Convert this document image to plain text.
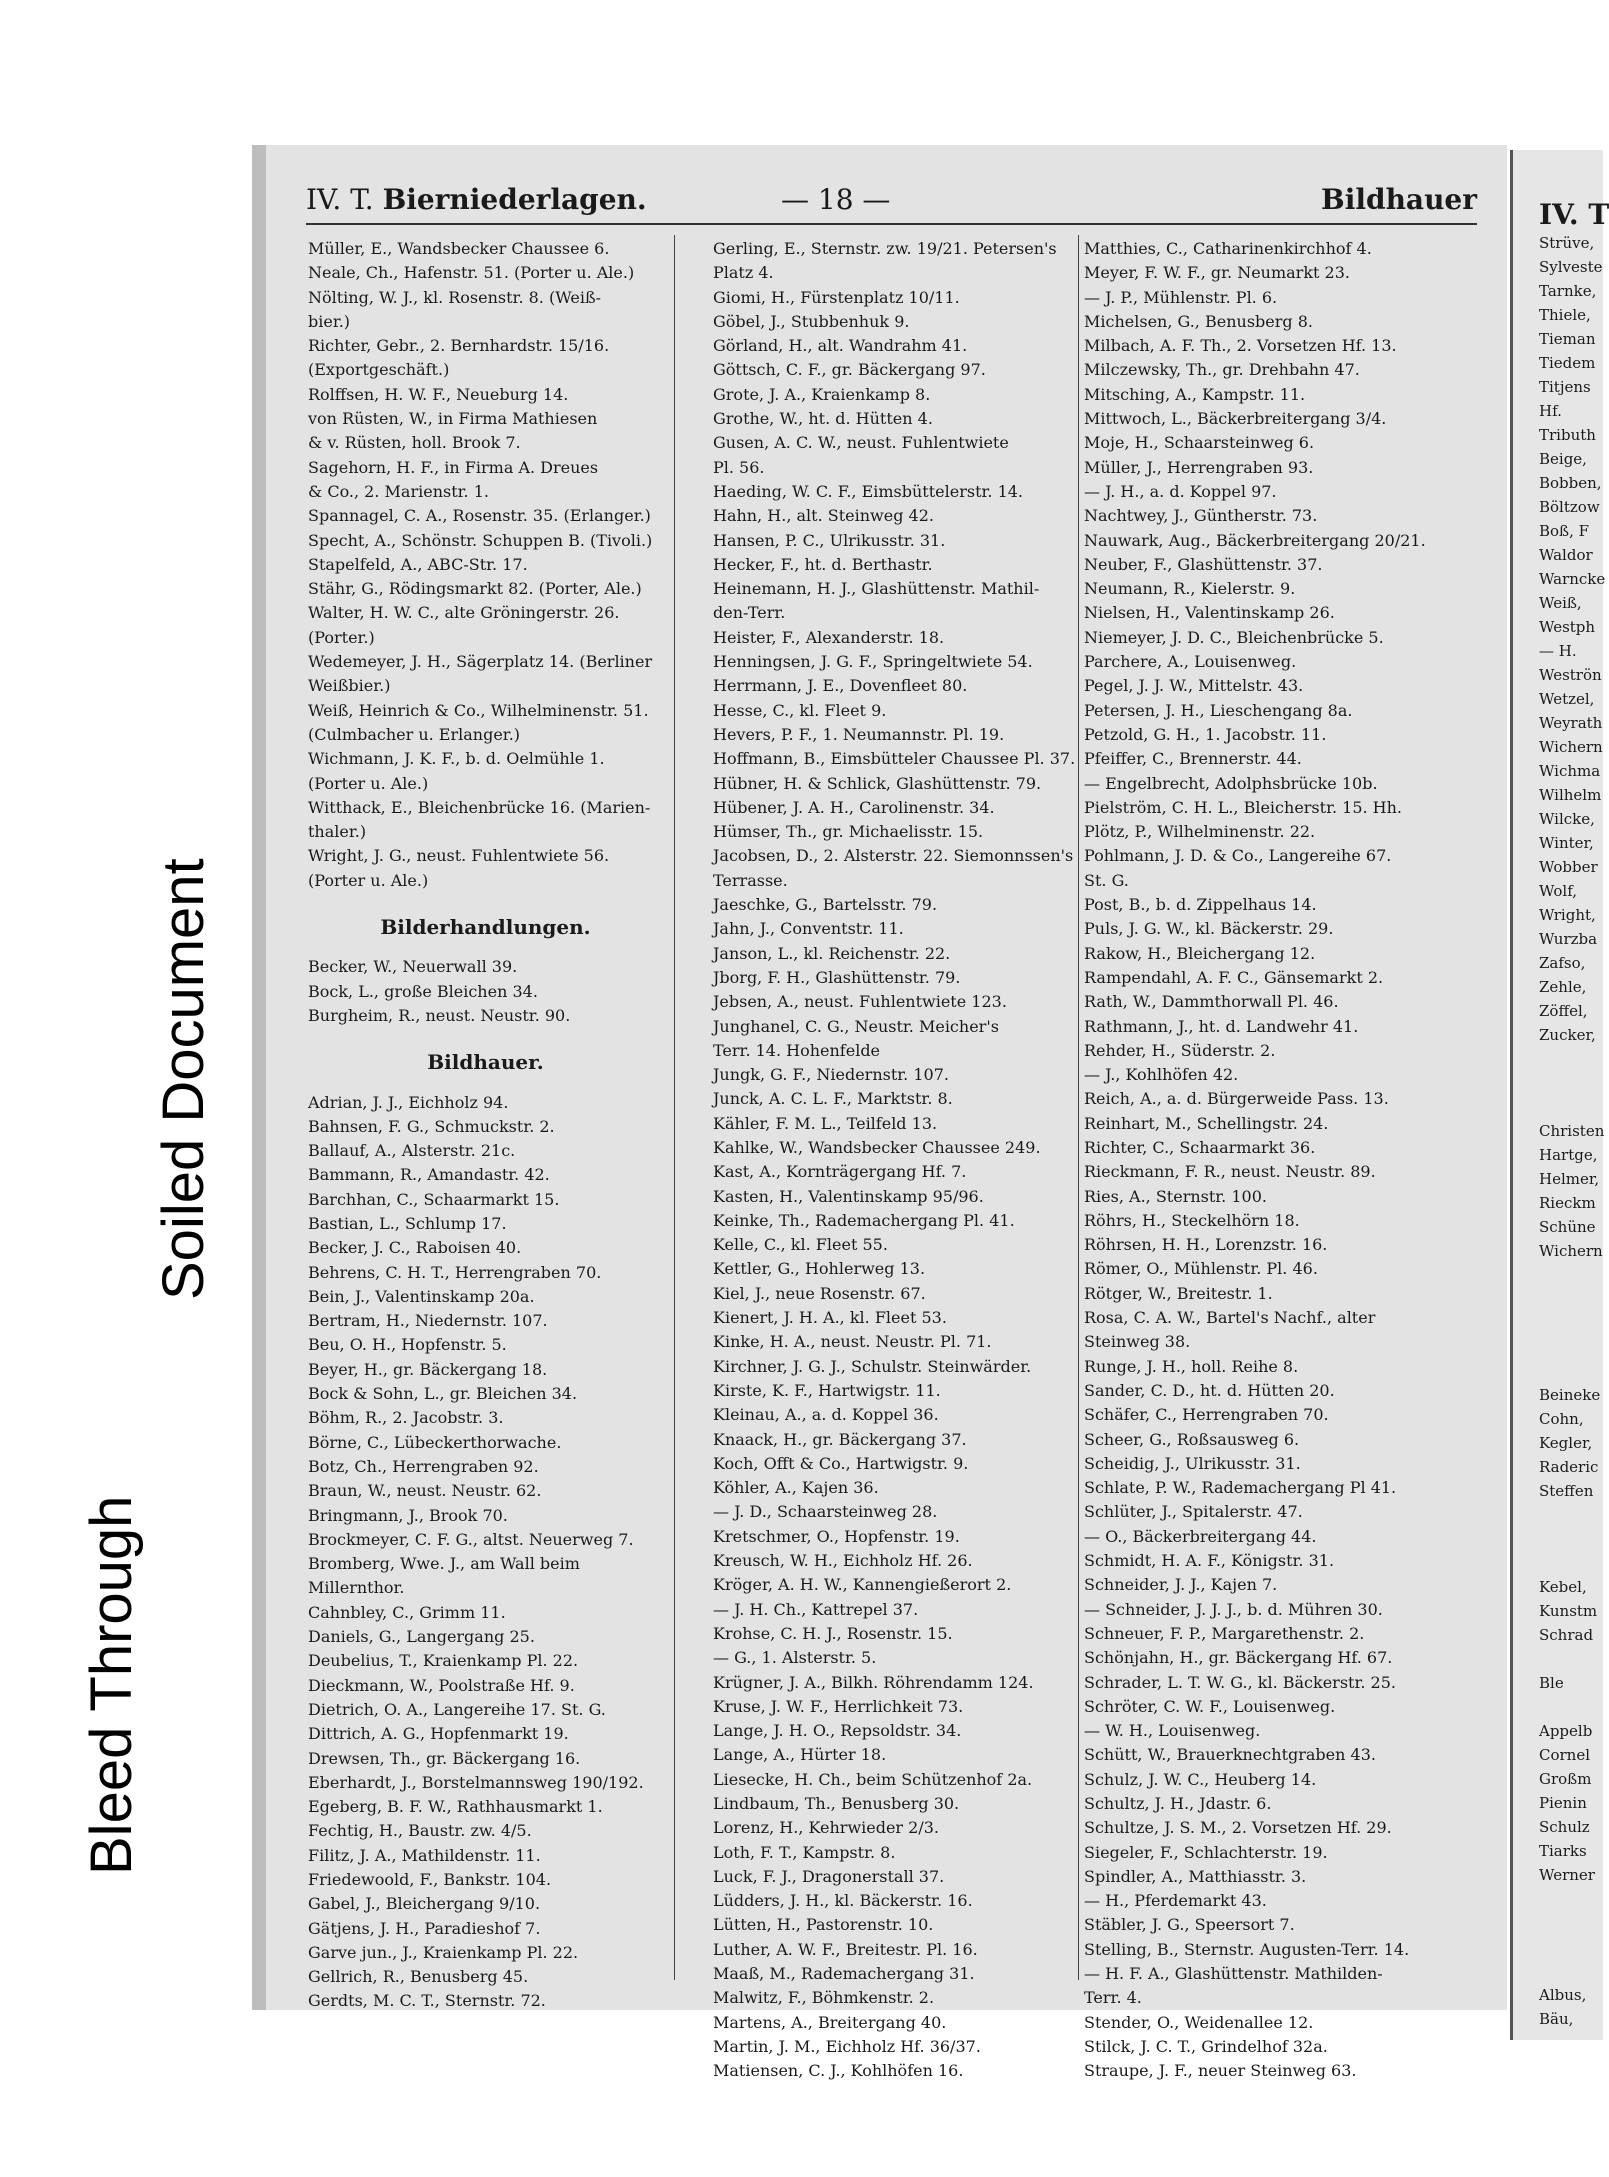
IV. T. Bierniederlagen.	— 18 —	Bildhauer
Müller, E., Wandsbecker Chaussee 6.
Neale, Ch., Hafenstr. 51. (Porter u. Ale.)
Nölting, W. J., kl. Rosenstr. 8. (Weiß-
bier.)
Richter, Gebr., 2. Bernhardstr. 15/16.
(Exportgeschäft.)
Rolffsen, H. W. F., Neueburg 14.
von Rüsten, W., in Firma Mathiesen
& v. Rüsten, holl. Brook 7.
Sagehorn, H. F., in Firma A. Dreues
& Co., 2. Marienstr. 1.
Spannagel, C. A., Rosenstr. 35. (Erlanger.)
Specht, A., Schönstr. Schuppen B. (Tivoli.)
Stapelfeld, A., ABC-Str. 17.
Stähr, G., Rödingsmarkt 82. (Porter, Ale.)
Walter, H. W. C., alte Gröningerstr. 26.
(Porter.)
Wedemeyer, J. H., Sägerplatz 14. (Berliner
Weißbier.)
Weiß, Heinrich & Co., Wilhelminenstr. 51.
(Culmbacher u. Erlanger.)
Wichmann, J. K. F., b. d. Oelmühle 1.
(Porter u. Ale.)
Witthack, E., Bleichenbrücke 16. (Marien-
thaler.)
Wright, J. G., neust. Fuhlentwiete 56.
(Porter u. Ale.)
Bilderhandlungen.
Becker, W., Neuerwall 39.
Bock, L., große Bleichen 34.
Burgheim, R., neust. Neustr. 90.
Bildhauer.
Adrian, J. J., Eichholz 94.
Bahnsen, F. G., Schmuckstr. 2.
Ballauf, A., Alsterstr. 21c.
Bammann, R., Amandastr. 42.
Barchhan, C., Schaarmarkt 15.
Bastian, L., Schlump 17.
Becker, J. C., Raboisen 40.
Behrens, C. H. T., Herrengraben 70.
Bein, J., Valentinskamp 20a.
Bertram, H., Niedernstr. 107.
Beu, O. H., Hopfenstr. 5.
Beyer, H., gr. Bäckergang 18.
Bock & Sohn, L., gr. Bleichen 34.
Böhm, R., 2. Jacobstr. 3.
Börne, C., Lübeckerthorwache.
Botz, Ch., Herrengraben 92.
Braun, W., neust. Neustr. 62.
Bringmann, J., Brook 70.
Brockmeyer, C. F. G., altst. Neuerweg 7.
Bromberg, Wwe. J., am Wall beim
Millernthor.
Cahnbley, C., Grimm 11.
Daniels, G., Langergang 25.
Deubelius, T., Kraienkamp Pl. 22.
Dieckmann, W., Poolstraße Hf. 9.
Dietrich, O. A., Langereihe 17. St. G.
Dittrich, A. G., Hopfenmarkt 19.
Drewsen, Th., gr. Bäckergang 16.
Eberhardt, J., Borstelmannsweg 190/192.
Egeberg, B. F. W., Rathhausmarkt 1.
Fechtig, H., Baustr. zw. 4/5.
Filitz, J. A., Mathildenstr. 11.
Friedewoold, F., Bankstr. 104.
Gabel, J., Bleichergang 9/10.
Gätjens, J. H., Paradieshof 7.
Garve jun., J., Kraienkamp Pl. 22.
Gellrich, R., Benusberg 45.
Gerdts, M. C. T., Sternstr. 72.
Gerling, E., Sternstr. zw. 19/21. Petersen's
Platz 4.
Giomi, H., Fürstenplatz 10/11.
Göbel, J., Stubbenhuk 9.
Görland, H., alt. Wandrahm 41.
Göttsch, C. F., gr. Bäckergang 97.
Grote, J. A., Kraienkamp 8.
Grothe, W., ht. d. Hütten 4.
Gusen, A. C. W., neust. Fuhlentwiete
Pl. 56.
Haeding, W. C. F., Eimsbüttelerstr. 14.
Hahn, H., alt. Steinweg 42.
Hansen, P. C., Ulrikusstr. 31.
Hecker, F., ht. d. Berthastr.
Heinemann, H. J., Glashüttenstr. Mathil-
den-Terr.
Heister, F., Alexanderstr. 18.
Henningsen, J. G. F., Springeltwiete 54.
Herrmann, J. E., Dovenfleet 80.
Hesse, C., kl. Fleet 9.
Hevers, P. F., 1. Neumannstr. Pl. 19.
Hoffmann, B., Eimsbütteler Chaussee Pl. 37.
Hübner, H. & Schlick, Glashüttenstr. 79.
Hübener, J. A. H., Carolinenstr. 34.
Hümser, Th., gr. Michaelisstr. 15.
Jacobsen, D., 2. Alsterstr. 22. Siemonnssen's
Terrasse.
Jaeschke, G., Bartelsstr. 79.
Jahn, J., Conventstr. 11.
Janson, L., kl. Reichenstr. 22.
Jborg, F. H., Glashüttenstr. 79.
Jebsen, A., neust. Fuhlentwiete 123.
Junghanel, C. G., Neustr. Meicher's
Terr. 14. Hohenfelde
Jungk, G. F., Niedernstr. 107.
Junck, A. C. L. F., Marktstr. 8.
Kähler, F. M. L., Teilfeld 13.
Kahlke, W., Wandsbecker Chaussee 249.
Kast, A., Kornträgergang Hf. 7.
Kasten, H., Valentinskamp 95/96.
Keinke, Th., Rademachergang Pl. 41.
Kelle, C., kl. Fleet 55.
Kettler, G., Hohlerweg 13.
Kiel, J., neue Rosenstr. 67.
Kienert, J. H. A., kl. Fleet 53.
Kinke, H. A., neust. Neustr. Pl. 71.
Kirchner, J. G. J., Schulstr. Steinwärder.
Kirste, K. F., Hartwigstr. 11.
Kleinau, A., a. d. Koppel 36.
Knaack, H., gr. Bäckergang 37.
Koch, Offt & Co., Hartwigstr. 9.
Köhler, A., Kajen 36.
— J. D., Schaarsteinweg 28.
Kretschmer, O., Hopfenstr. 19.
Kreusch, W. H., Eichholz Hf. 26.
Kröger, A. H. W., Kannengießerort 2.
— J. H. Ch., Kattrepel 37.
Krohse, C. H. J., Rosenstr. 15.
— G., 1. Alsterstr. 5.
Krügner, J. A., Bilkh. Röhrendamm 124.
Kruse, J. W. F., Herrlichkeit 73.
Lange, J. H. O., Repsoldstr. 34.
Lange, A., Hürter 18.
Liesecke, H. Ch., beim Schützenhof 2a.
Lindbaum, Th., Benusberg 30.
Lorenz, H., Kehrwieder 2/3.
Loth, F. T., Kampstr. 8.
Luck, F. J., Dragonerstall 37.
Lüdders, J. H., kl. Bäckerstr. 16.
Lütten, H., Pastorenstr. 10.
Luther, A. W. F., Breitestr. Pl. 16.
Maaß, M., Rademachergang 31.
Malwitz, F., Böhmkenstr. 2.
Martens, A., Breitergang 40.
Martin, J. M., Eichholz Hf. 36/37.
Matiensen, C. J., Kohlhöfen 16.
Matthies, C., Catharinenkirchhof 4.
Meyer, F. W. F., gr. Neumarkt 23.
— J. P., Mühlenstr. Pl. 6.
Michelsen, G., Benusberg 8.
Milbach, A. F. Th., 2. Vorsetzen Hf. 13.
Milczewsky, Th., gr. Drehbahn 47.
Mitsching, A., Kampstr. 11.
Mittwoch, L., Bäckerbreitergang 3/4.
Moje, H., Schaarsteinweg 6.
Müller, J., Herrengraben 93.
— J. H., a. d. Koppel 97.
Nachtwey, J., Güntherstr. 73.
Nauwark, Aug., Bäckerbreitergang 20/21.
Neuber, F., Glashüttenstr. 37.
Neumann, R., Kielerstr. 9.
Nielsen, H., Valentinskamp 26.
Niemeyer, J. D. C., Bleichenbrücke 5.
Parchere, A., Louisenweg.
Pegel, J. J. W., Mittelstr. 43.
Petersen, J. H., Lieschengang 8a.
Petzold, G. H., 1. Jacobstr. 11.
Pfeiffer, C., Brennerstr. 44.
— Engelbrecht, Adolphsbrücke 10b.
Pielström, C. H. L., Bleicherstr. 15. Hh.
Plötz, P., Wilhelminenstr. 22.
Pohlmann, J. D. & Co., Langereihe 67.
St. G.
Post, B., b. d. Zippelhaus 14.
Puls, J. G. W., kl. Bäckerstr. 29.
Rakow, H., Bleichergang 12.
Rampendahl, A. F. C., Gänsemarkt 2.
Rath, W., Dammthorwall Pl. 46.
Rathmann, J., ht. d. Landwehr 41.
Rehder, H., Süderstr. 2.
— J., Kohlhöfen 42.
Reich, A., a. d. Bürgerweide Pass. 13.
Reinhart, M., Schellingstr. 24.
Richter, C., Schaarmarkt 36.
Rieckmann, F. R., neust. Neustr. 89.
Ries, A., Sternstr. 100.
Röhrs, H., Steckelhörn 18.
Röhrsen, H. H., Lorenzstr. 16.
Römer, O., Mühlenstr. Pl. 46.
Rötger, W., Breitestr. 1.
Rosa, C. A. W., Bartel's Nachf., alter
Steinweg 38.
Runge, J. H., holl. Reihe 8.
Sander, C. D., ht. d. Hütten 20.
Schäfer, C., Herrengraben 70.
Scheer, G., Roßsausweg 6.
Scheidig, J., Ulrikusstr. 31.
Schlate, P. W., Rademachergang Pl 41.
Schlüter, J., Spitalerstr. 47.
— O., Bäckerbreitergang 44.
Schmidt, H. A. F., Königstr. 31.
Schneider, J. J., Kajen 7.
— Schneider, J. J. J., b. d. Mühren 30.
Schneuer, F. P., Margarethenstr. 2.
Schönjahn, H., gr. Bäckergang Hf. 67.
Schrader, L. T. W. G., kl. Bäckerstr. 25.
Schröter, C. W. F., Louisenweg.
— W. H., Louisenweg.
Schütt, W., Brauerknechtgraben 43.
Schulz, J. W. C., Heuberg 14.
Schultz, J. H., Jdastr. 6.
Schultze, J. S. M., 2. Vorsetzen Hf. 29.
Siegeler, F., Schlachterstr. 19.
Spindler, A., Matthiasstr. 3.
— H., Pferdemarkt 43.
Stäbler, J. G., Speersort 7.
Stelling, B., Sternstr. Augusten-Terr. 14.
— H. F. A., Glashüttenstr. Mathilden-
Terr. 4.
Stender, O., Weidenallee 12.
Stilck, J. C. T., Grindelhof 32a.
Straupe, J. F., neuer Steinweg 63.
IV. T
Strüve,
Sylveste
Tarnke,
Thiele,
Tieman
Tiedem
Titjens
Hf.
Tributh
Beige,
Bobben,
Böltzow
Boß, F
Waldor
Warncke
Weiß,
Westph
— H.
Weströn
Wetzel,
Weyrath
Wichern
Wichma
Wilhelm
Wilcke,
Winter,
Wobber
Wolf,
Wright,
Wurzba
Zafso,
Zehle,
Zöffel,
Zucker,

Christen
Hartge,
Helmer,
Rieckm
Schüne
Wichern

Beineke
Cohn,
Kegler,
Raderic
Steffen

Kebel,
Kunstm
Schrad

Ble

Appelb
Cornel
Großm
Pienin
Schulz
Tiarks
Werner

Albus,
Bäu,
Bleed Through
Soiled Document
